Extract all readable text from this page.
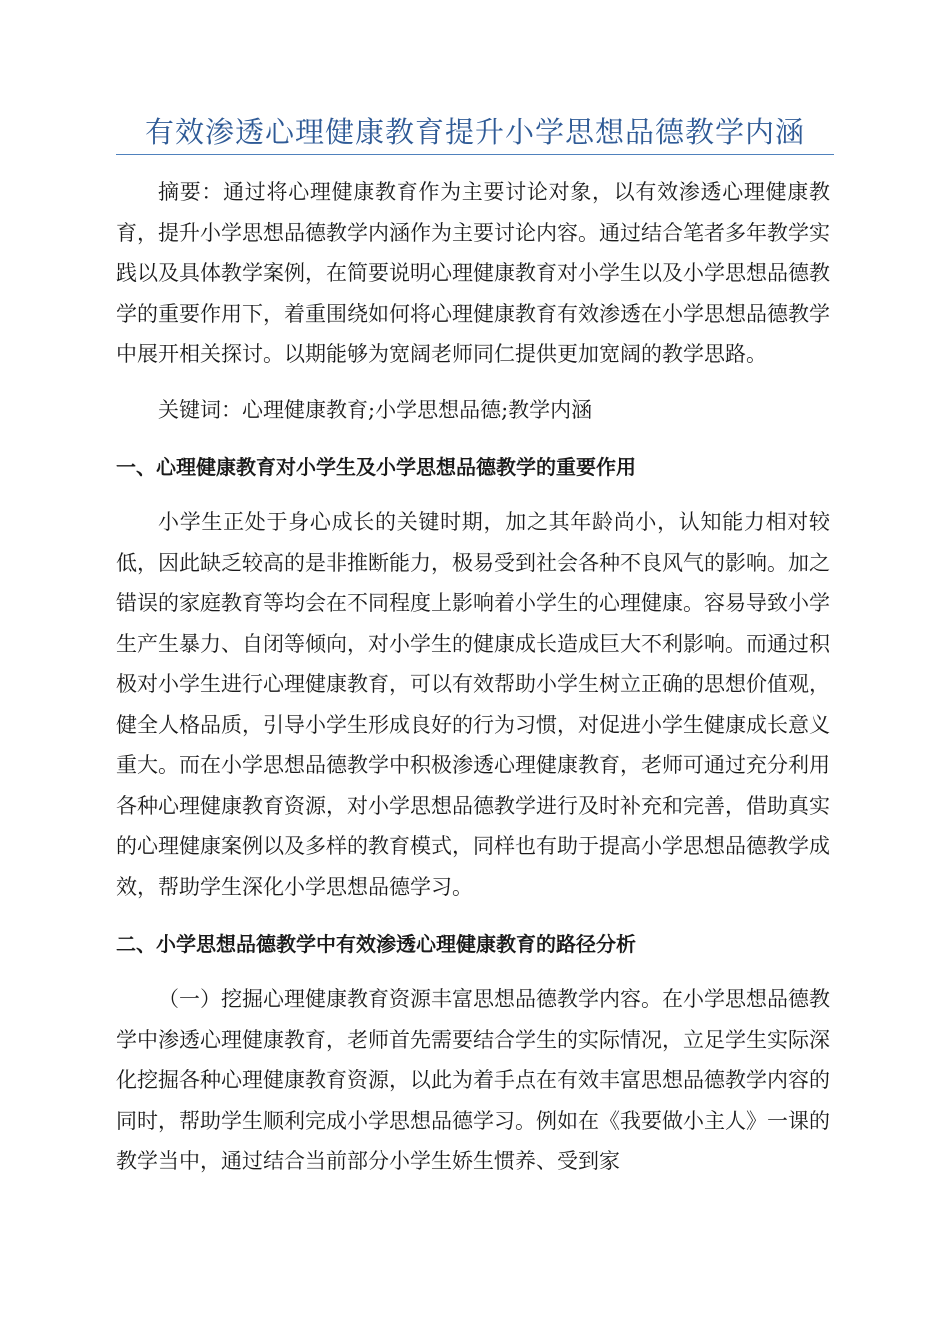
有效渗透心理健康教育提升小学思想品德教学内涵

摘要：通过将心理健康教育作为主要讨论对象，以有效渗透心理健康教育，提升小学思想品德教学内涵作为主要讨论内容。通过结合笔者多年教学实践以及具体教学案例，在简要说明心理健康教育对小学生以及小学思想品德教学的重要作用下，着重围绕如何将心理健康教育有效渗透在小学思想品德教学中展开相关探讨。以期能够为宽阔老师同仁提供更加宽阔的教学思路。

关键词：心理健康教育;小学思想品德;教学内涵

一、心理健康教育对小学生及小学思想品德教学的重要作用

小学生正处于身心成长的关键时期，加之其年龄尚小，认知能力相对较低，因此缺乏较高的是非推断能力，极易受到社会各种不良风气的影响。加之错误的家庭教育等均会在不同程度上影响着小学生的心理健康。容易导致小学生产生暴力、自闭等倾向，对小学生的健康成长造成巨大不利影响。而通过积极对小学生进行心理健康教育，可以有效帮助小学生树立正确的思想价值观，健全人格品质，引导小学生形成良好的行为习惯，对促进小学生健康成长意义重大。而在小学思想品德教学中积极渗透心理健康教育，老师可通过充分利用各种心理健康教育资源，对小学思想品德教学进行及时补充和完善，借助真实的心理健康案例以及多样的教育模式，同样也有助于提高小学思想品德教学成效，帮助学生深化小学思想品德学习。

二、小学思想品德教学中有效渗透心理健康教育的路径分析

（一）挖掘心理健康教育资源丰富思想品德教学内容。在小学思想品德教学中渗透心理健康教育，老师首先需要结合学生的实际情况，立足学生实际深化挖掘各种心理健康教育资源，以此为着手点在有效丰富思想品德教学内容的同时，帮助学生顺利完成小学思想品德学习。例如在《我要做小主人》一课的教学当中，通过结合当前部分小学生娇生惯养、受到家
